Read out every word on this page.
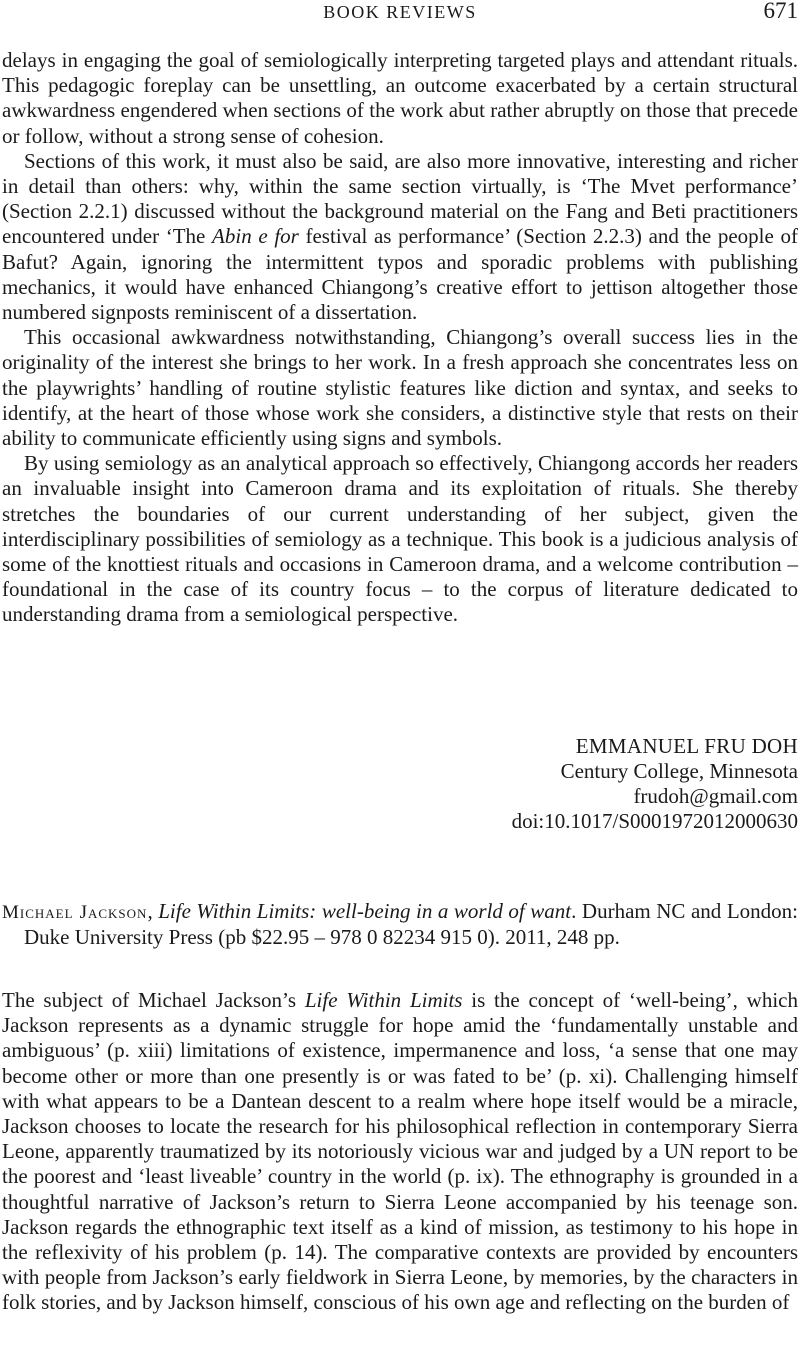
BOOK REVIEWS	671

delays in engaging the goal of semiologically interpreting targeted plays and attendant rituals. This pedagogic foreplay can be unsettling, an outcome exacerbated by a certain structural awkwardness engendered when sections of the work abut rather abruptly on those that precede or follow, without a strong sense of cohesion.

Sections of this work, it must also be said, are also more innovative, interesting and richer in detail than others: why, within the same section virtually, is ‘The Mvet performance’ (Section 2.2.1) discussed without the background material on the Fang and Beti practitioners encountered under ‘The Abin e for festival as performance’ (Section 2.2.3) and the people of Bafut? Again, ignoring the intermittent typos and sporadic problems with publishing mechanics, it would have enhanced Chiangong’s creative effort to jettison altogether those numbered signposts reminiscent of a dissertation.

This occasional awkwardness notwithstanding, Chiangong’s overall success lies in the originality of the interest she brings to her work. In a fresh approach she concentrates less on the playwrights’ handling of routine stylistic features like diction and syntax, and seeks to identify, at the heart of those whose work she considers, a distinctive style that rests on their ability to communicate efficiently using signs and symbols.

By using semiology as an analytical approach so effectively, Chiangong accords her readers an invaluable insight into Cameroon drama and its exploitation of rituals. She thereby stretches the boundaries of our current understanding of her subject, given the interdisciplinary possibilities of semiology as a technique. This book is a judicious analysis of some of the knottiest rituals and occasions in Cameroon drama, and a welcome contribution – foundational in the case of its country focus – to the corpus of literature dedicated to understanding drama from a semiological perspective.

EMMANUEL FRU DOH
Century College, Minnesota
frudoh@gmail.com
doi:10.1017/S0001972012000630
Michael Jackson, Life Within Limits: well-being in a world of want. Durham NC and London: Duke University Press (pb $22.95 – 978 0 82234 915 0). 2011, 248 pp.

The subject of Michael Jackson’s Life Within Limits is the concept of ‘well-being’, which Jackson represents as a dynamic struggle for hope amid the ‘fundamentally unstable and ambiguous’ (p. xiii) limitations of existence, impermanence and loss, ‘a sense that one may become other or more than one presently is or was fated to be’ (p. xi). Challenging himself with what appears to be a Dantean descent to a realm where hope itself would be a miracle, Jackson chooses to locate the research for his philosophical reflection in contemporary Sierra Leone, apparently traumatized by its notoriously vicious war and judged by a UN report to be the poorest and ‘least liveable’ country in the world (p. ix). The ethnography is grounded in a thoughtful narrative of Jackson’s return to Sierra Leone accompanied by his teenage son. Jackson regards the ethnographic text itself as a kind of mission, as testimony to his hope in the reflexivity of his problem (p. 14). The comparative contexts are provided by encounters with people from Jackson’s early fieldwork in Sierra Leone, by memories, by the characters in folk stories, and by Jackson himself, conscious of his own age and reflecting on the burden of
